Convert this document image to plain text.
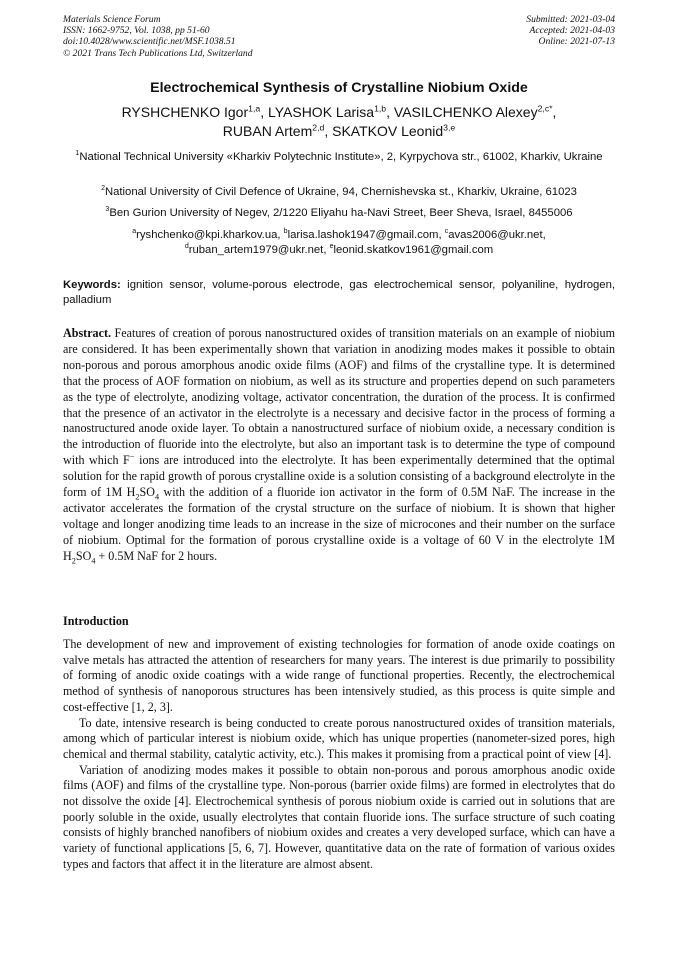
Materials Science Forum
ISSN: 1662-9752, Vol. 1038, pp 51-60
doi:10.4028/www.scientific.net/MSF.1038.51
© 2021 Trans Tech Publications Ltd, Switzerland
Submitted: 2021-03-04
Accepted: 2021-04-03
Online: 2021-07-13
Electrochemical Synthesis of Crystalline Niobium Oxide
RYSHCHENKO Igor$^{1,a}$, LYASHOK Larisa$^{1,b}$, VASILCHENKO Alexey$^{2,c*}$,
RUBAN Artem$^{2,d}$, SKATKOV Leonid$^{3,e}$
$^1$National Technical University «Kharkiv Polytechnic Institute», 2, Kyrpychova str., 61002, Kharkiv, Ukraine
$^2$National University of Civil Defence of Ukraine, 94, Chernishevska st., Kharkiv, Ukraine, 61023
$^3$Ben Gurion University of Negev, 2/1220 Eliyahu ha-Navi Street, Beer Sheva, Israel, 8455006
$^a$ryshchenko@kpi.kharkov.ua, $^b$larisa.lashok1947@gmail.com, $^c$avas2006@ukr.net,
$^d$ruban_artem1979@ukr.net, $^e$leonid.skatkov1961@gmail.com
Keywords: ignition sensor, volume-porous electrode, gas electrochemical sensor, polyaniline, hydrogen, palladium

Abstract. Features of creation of porous nanostructured oxides of transition materials on an example of niobium are considered. It has been experimentally shown that variation in anodizing modes makes it possible to obtain non-porous and porous amorphous anodic oxide films (AOF) and films of the crystalline type. It is determined that the process of AOF formation on niobium, as well as its structure and properties depend on such parameters as the type of electrolyte, anodizing voltage, activator concentration, the duration of the process. It is confirmed that the presence of an activator in the electrolyte is a necessary and decisive factor in the process of forming a nanostructured anode oxide layer. To obtain a nanostructured surface of niobium oxide, a necessary condition is the introduction of fluoride into the electrolyte, but also an important task is to determine the type of compound with which F− ions are introduced into the electrolyte. It has been experimentally determined that the optimal solution for the rapid growth of porous crystalline oxide is a solution consisting of a background electrolyte in the form of 1M $H_2SO_4$ with the addition of a fluoride ion activator in the form of 0.5M NaF. The increase in the activator accelerates the formation of the crystal structure on the surface of niobium. It is shown that higher voltage and longer anodizing time leads to an increase in the size of microcones and their number on the surface of niobium. Optimal for the formation of porous crystalline oxide is a voltage of 60 V in the electrolyte 1M $H_2SO_4 + 0.5M$ NaF for 2 hours.

Introduction

The development of new and improvement of existing technologies for formation of anode oxide coatings on valve metals has attracted the attention of researchers for many years. The interest is due primarily to possibility of forming of anodic oxide coatings with a wide range of functional properties. Recently, the electrochemical method of synthesis of nanoporous structures has been intensively studied, as this process is quite simple and cost-effective [1, 2, 3].

To date, intensive research is being conducted to create porous nanostructured oxides of transition materials, among which of particular interest is niobium oxide, which has unique properties (nanometer-sized pores, high chemical and thermal stability, catalytic activity, etc.). This makes it promising from a practical point of view [4].

Variation of anodizing modes makes it possible to obtain non-porous and porous amorphous anodic oxide films (AOF) and films of the crystalline type. Non-porous (barrier oxide films) are formed in electrolytes that do not dissolve the oxide [4]. Electrochemical synthesis of porous niobium oxide is carried out in solutions that are poorly soluble in the oxide, usually electrolytes that contain fluoride ions. The surface structure of such coating consists of highly branched nanofibers of niobium oxides and creates a very developed surface, which can have a variety of functional applications [5, 6, 7]. However, quantitative data on the rate of formation of various oxides types and factors that affect it in the literature are almost absent.
